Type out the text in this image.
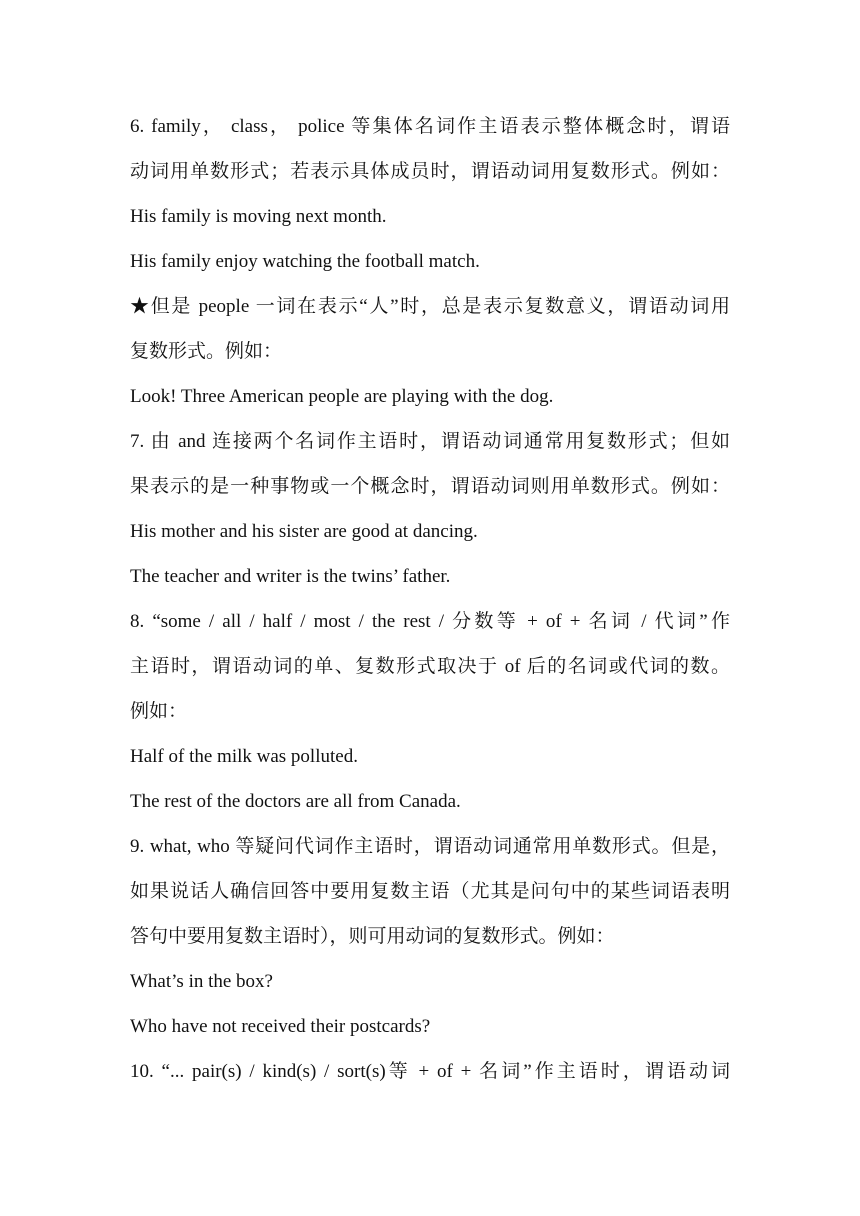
6. family， class， police 等集体名词作主语表示整体概念时，谓语
动词用单数形式；若表示具体成员时，谓语动词用复数形式。例如：
His family is moving next month.
His family enjoy watching the football match.
★但是 people 一词在表示“人”时，总是表示复数意义，谓语动词用
复数形式。例如：
Look! Three American people are playing with the dog.
7. 由 and 连接两个名词作主语时，谓语动词通常用复数形式；但如
果表示的是一种事物或一个概念时，谓语动词则用单数形式。例如：
His mother and his sister are good at dancing.
The teacher and writer is the twins’ father.
8. “some / all / half / most / the rest / 分数等 + of + 名词 / 代词”作
主语时，谓语动词的单、复数形式取决于 of 后的名词或代词的数。
例如：
Half of the milk was polluted.
The rest of the doctors are all from Canada.
9. what, who 等疑问代词作主语时，谓语动词通常用单数形式。但是，
如果说话人确信回答中要用复数主语（尤其是问句中的某些词语表明
答句中要用复数主语时），则可用动词的复数形式。例如：
What’s in the box?
Who have not received their postcards?
10. “... pair(s) / kind(s) / sort(s)等 + of + 名词”作主语时，谓语动词
